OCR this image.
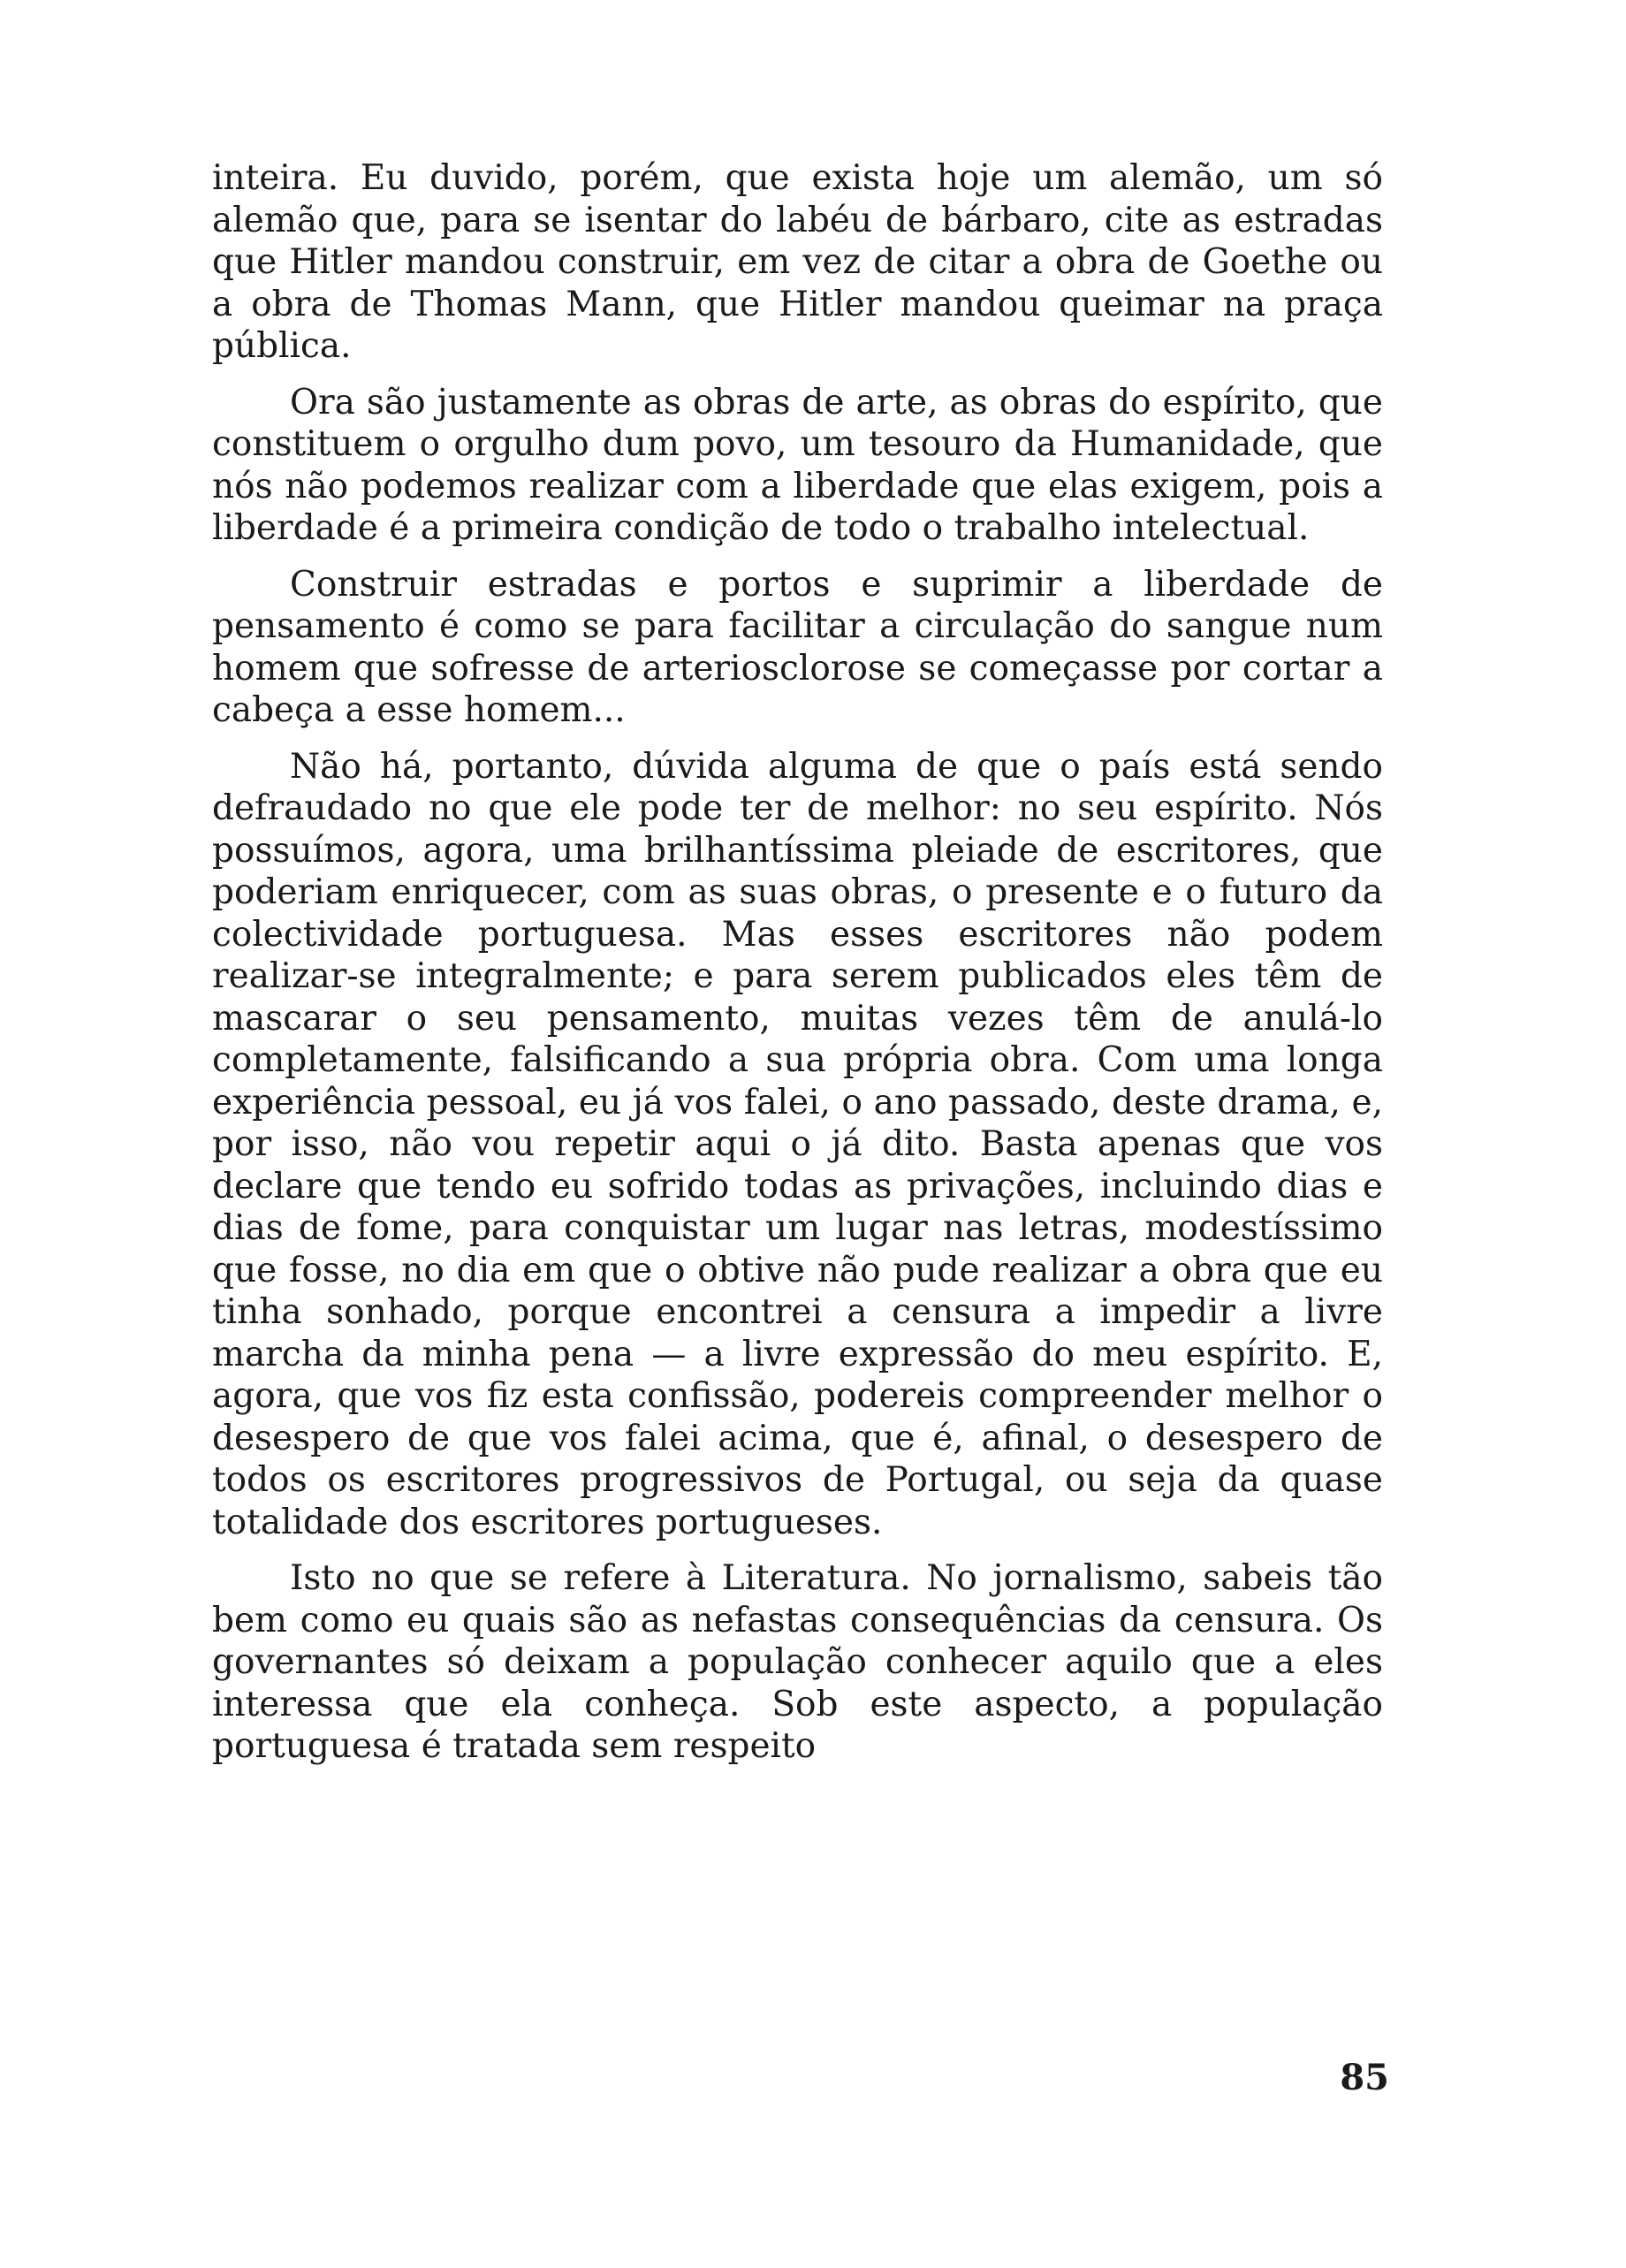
inteira. Eu duvido, porém, que exista hoje um alemão, um só alemão que, para se isentar do labéu de bárbaro, cite as estradas que Hitler mandou construir, em vez de citar a obra de Goethe ou a obra de Thomas Mann, que Hitler mandou queimar na praça pública.

Ora são justamente as obras de arte, as obras do espírito, que constituem o orgulho dum povo, um tesouro da Humanidade, que nós não podemos realizar com a liberdade que elas exigem, pois a liberdade é a primeira condição de todo o trabalho intelectual.

Construir estradas e portos e suprimir a liberdade de pensamento é como se para facilitar a circulação do sangue num homem que sofresse de arteriosclorose se começasse por cortar a cabeça a esse homem...

Não há, portanto, dúvida alguma de que o país está sendo defraudado no que ele pode ter de melhor: no seu espírito. Nós possuímos, agora, uma brilhantíssima pleiade de escritores, que poderiam enriquecer, com as suas obras, o presente e o futuro da colectividade portuguesa. Mas esses escritores não podem realizar-se integralmente; e para serem publicados eles têm de mascarar o seu pensamento, muitas vezes têm de anulá-lo completamente, falsificando a sua própria obra. Com uma longa experiência pessoal, eu já vos falei, o ano passado, deste drama, e, por isso, não vou repetir aqui o já dito. Basta apenas que vos declare que tendo eu sofrido todas as privações, incluindo dias e dias de fome, para conquistar um lugar nas letras, modestíssimo que fosse, no dia em que o obtive não pude realizar a obra que eu tinha sonhado, porque encontrei a censura a impedir a livre marcha da minha pena — a livre expressão do meu espírito. E, agora, que vos fiz esta confissão, podereis compreender melhor o desespero de que vos falei acima, que é, afinal, o desespero de todos os escritores progressivos de Portugal, ou seja da quase totalidade dos escritores portugueses.

Isto no que se refere à Literatura. No jornalismo, sabeis tão bem como eu quais são as nefastas consequências da censura. Os governantes só deixam a população conhecer aquilo que a eles interessa que ela conheça. Sob este aspecto, a população portuguesa é tratada sem respeito

85
